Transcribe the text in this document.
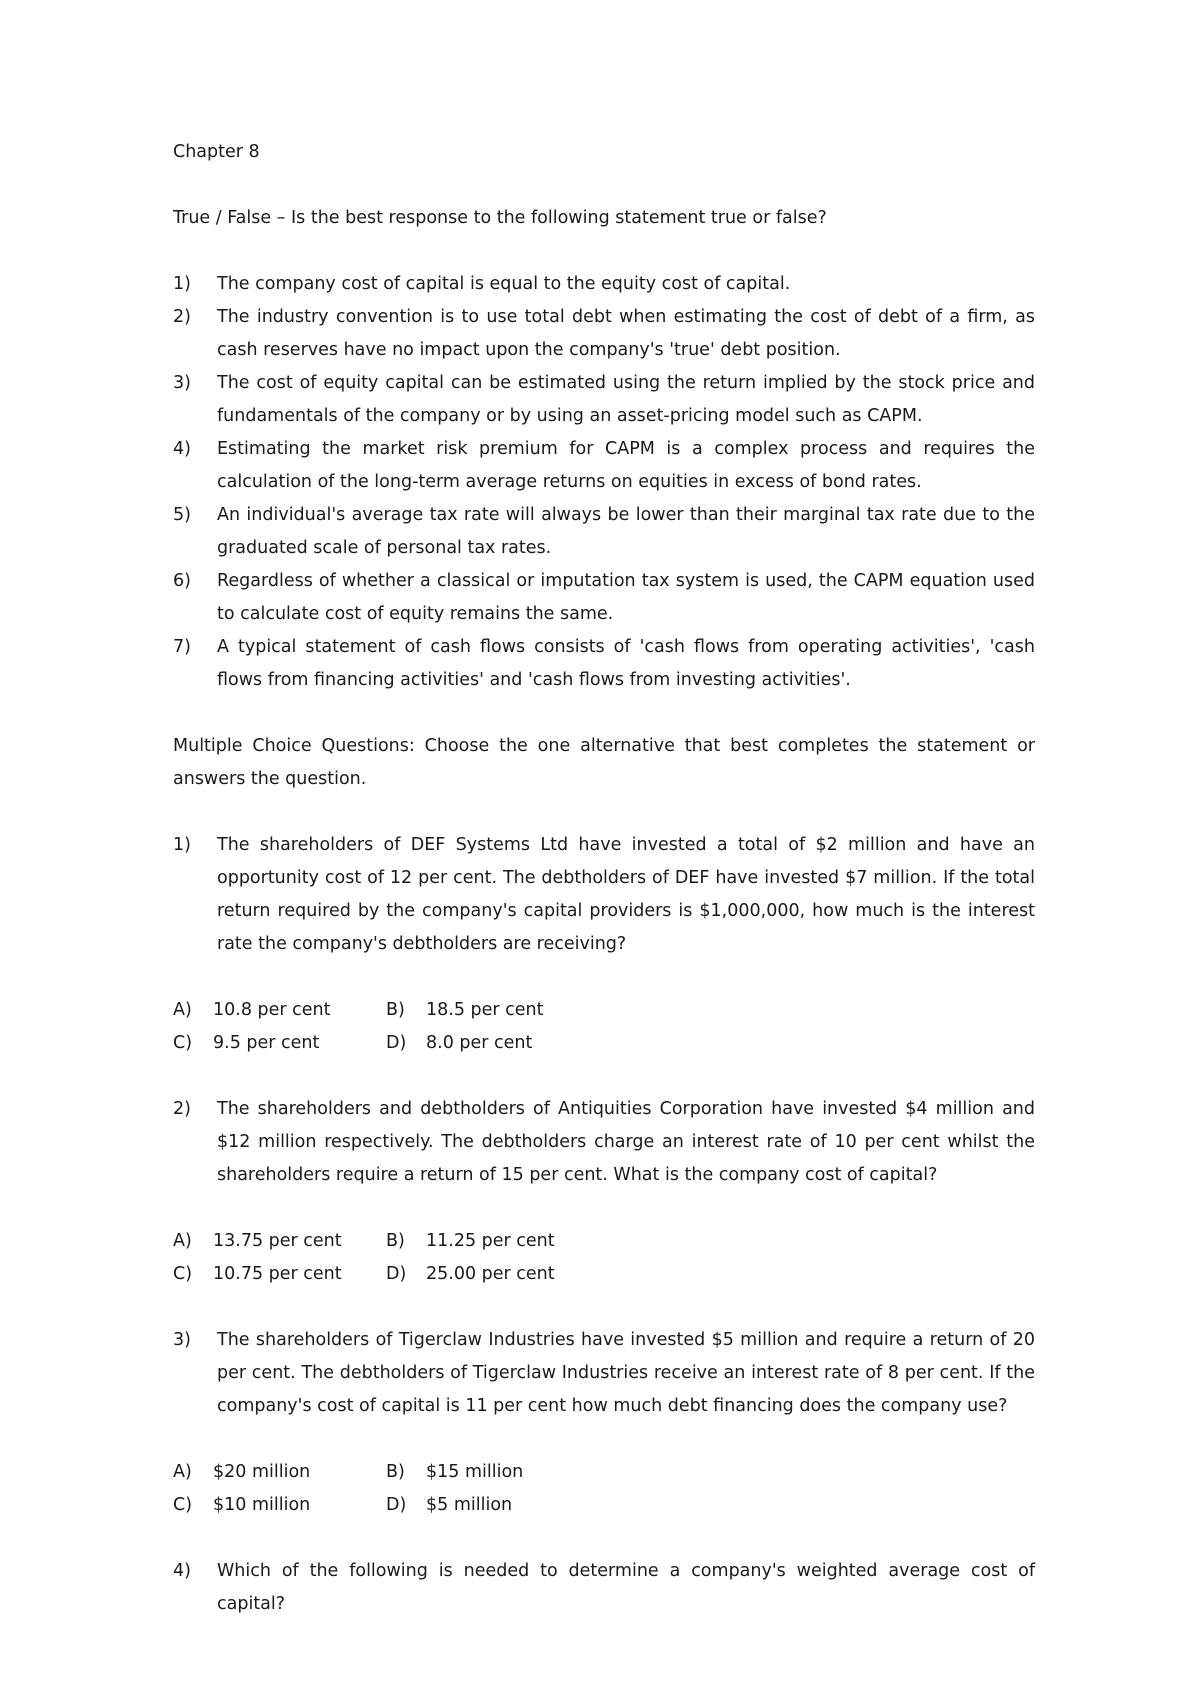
Chapter 8

True / False – Is the best response to the following statement true or false?

1)	The company cost of capital is equal to the equity cost of capital.
2)	The industry convention is to use total debt when estimating the cost of debt of a firm, as cash reserves have no impact upon the company's 'true' debt position.
3)	The cost of equity capital can be estimated using the return implied by the stock price and fundamentals of the company or by using an asset-pricing model such as CAPM.
4)	Estimating the market risk premium for CAPM is a complex process and requires the calculation of the long-term average returns on equities in excess of bond rates.
5)	An individual's average tax rate will always be lower than their marginal tax rate due to the graduated scale of personal tax rates.
6)	Regardless of whether a classical or imputation tax system is used, the CAPM equation used to calculate cost of equity remains the same.
7)	A typical statement of cash flows consists of 'cash flows from operating activities', 'cash flows from financing activities' and 'cash flows from investing activities'.

Multiple Choice Questions: Choose the one alternative that best completes the statement or answers the question.

1)	The shareholders of DEF Systems Ltd have invested a total of $2 million and have an opportunity cost of 12 per cent. The debtholders of DEF have invested $7 million. If the total return required by the company's capital providers is $1,000,000, how much is the interest rate the company's debtholders are receiving?
A)	10.8 per cent	B)	18.5 per cent
C)	9.5 per cent	D)	8.0 per cent
2)	The shareholders and debtholders of Antiquities Corporation have invested $4 million and $12 million respectively. The debtholders charge an interest rate of 10 per cent whilst the shareholders require a return of 15 per cent. What is the company cost of capital?
A)	13.75 per cent	B)	11.25 per cent
C)	10.75 per cent	D)	25.00 per cent
3)	The shareholders of Tigerclaw Industries have invested $5 million and require a return of 20 per cent. The debtholders of Tigerclaw Industries receive an interest rate of 8 per cent. If the company's cost of capital is 11 per cent how much debt financing does the company use?
A)	$20 million	B)	$15 million
C)	$10 million	D)	$5 million
4)	Which of the following is needed to determine a company's weighted average cost of capital?
